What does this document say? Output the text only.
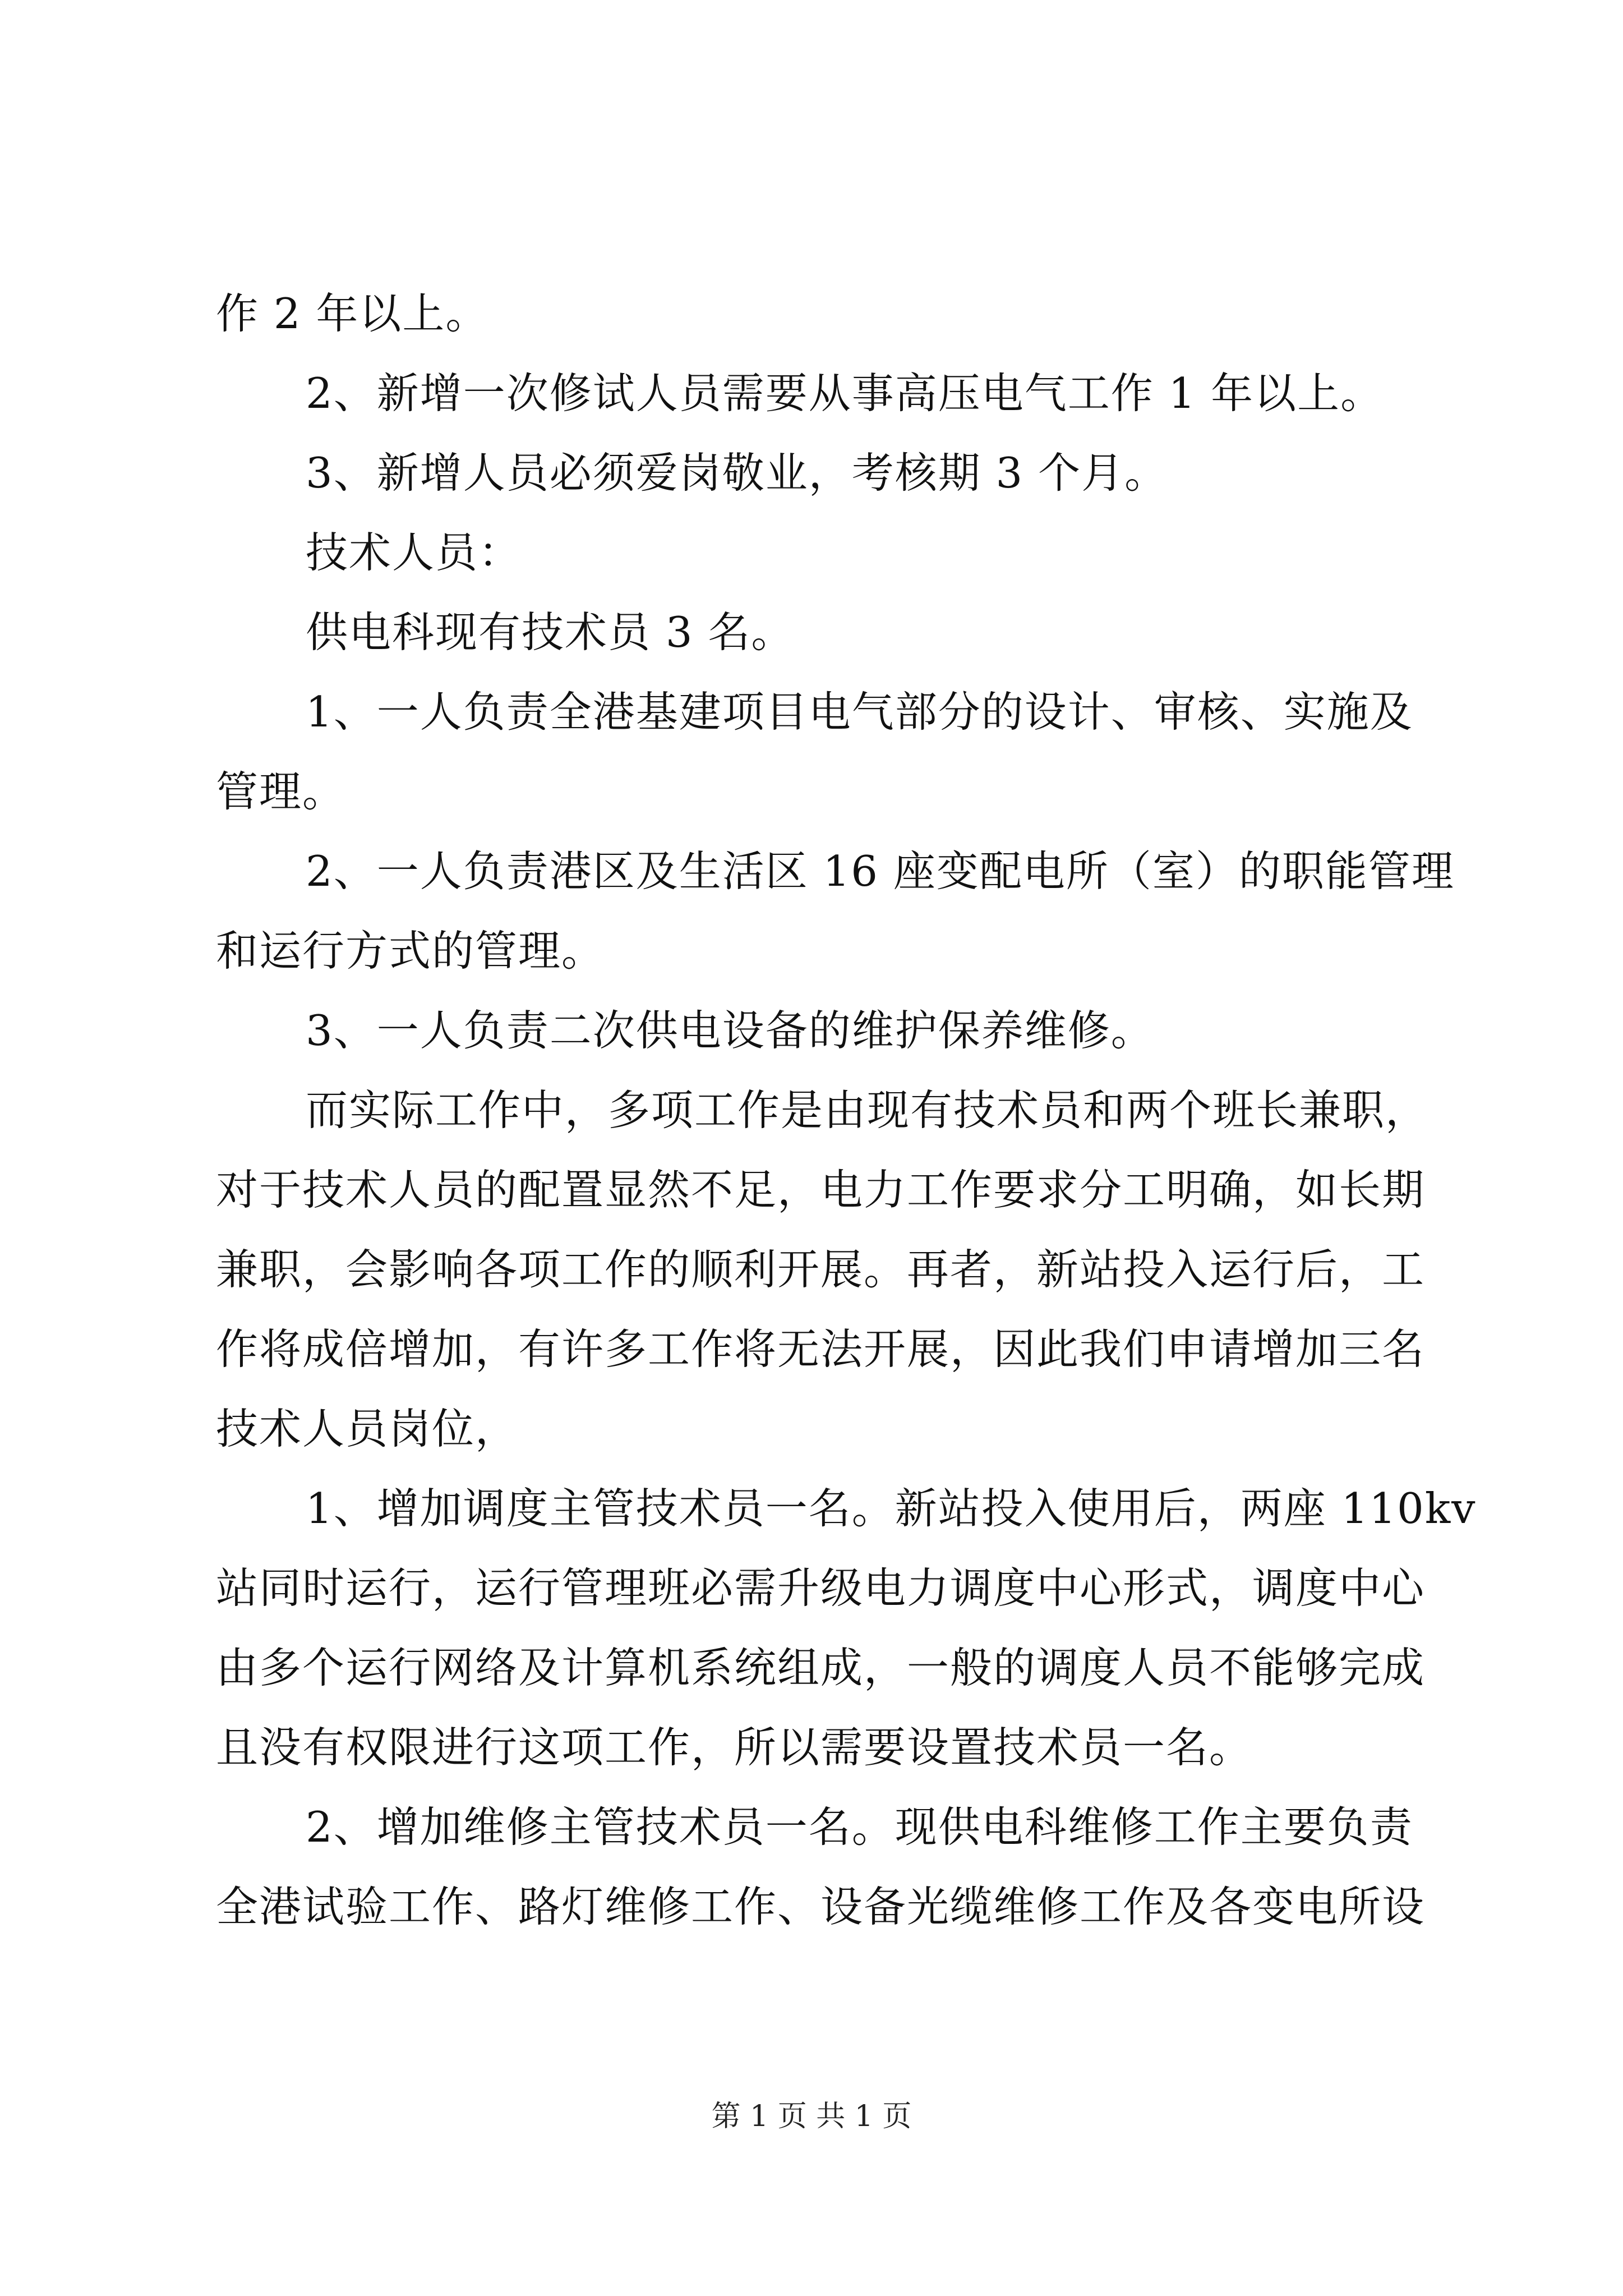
作 2 年以上。
2、新增一次修试人员需要从事高压电气工作 1 年以上。
3、新增人员必须爱岗敬业，考核期 3 个月。
技术人员：
供电科现有技术员 3 名。
1、一人负责全港基建项目电气部分的设计、审核、实施及
管理。
2、一人负责港区及生活区 16 座变配电所（室）的职能管理
和运行方式的管理。
3、一人负责二次供电设备的维护保养维修。
而实际工作中，多项工作是由现有技术员和两个班长兼职，
对于技术人员的配置显然不足，电力工作要求分工明确，如长期
兼职，会影响各项工作的顺利开展。再者，新站投入运行后，工
作将成倍增加，有许多工作将无法开展，因此我们申请增加三名
技术人员岗位，
1、增加调度主管技术员一名。新站投入使用后，两座 110kv
站同时运行，运行管理班必需升级电力调度中心形式，调度中心
由多个运行网络及计算机系统组成，一般的调度人员不能够完成
且没有权限进行这项工作，所以需要设置技术员一名。
2、增加维修主管技术员一名。现供电科维修工作主要负责
全港试验工作、路灯维修工作、设备光缆维修工作及各变电所设
第 1 页 共 1 页
